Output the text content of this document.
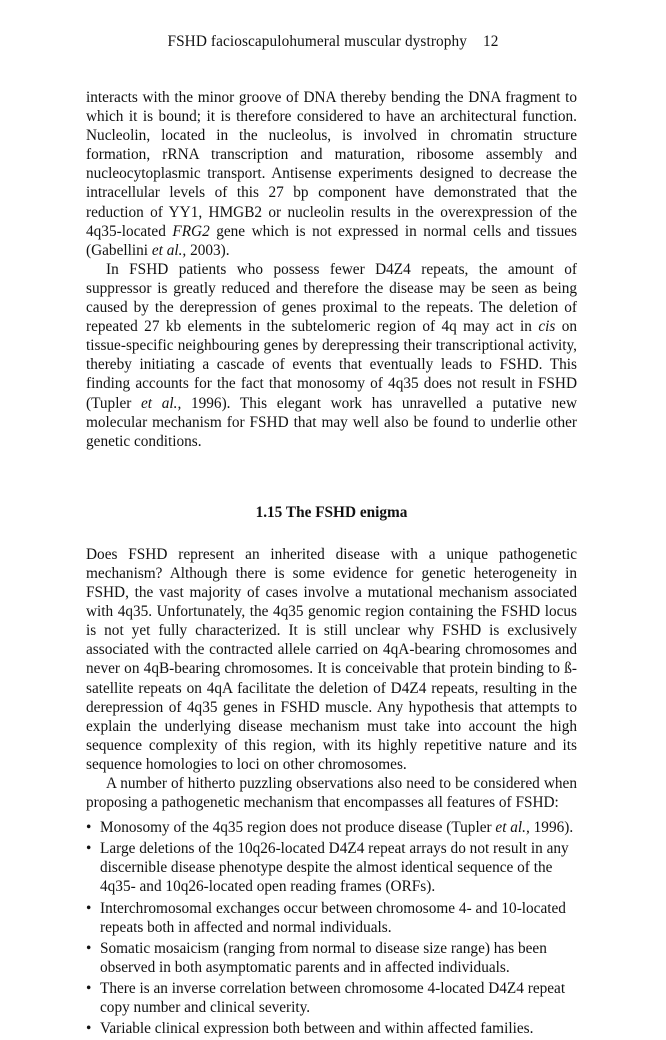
FSHD facioscapulohumeral muscular dystrophy 12

interacts with the minor groove of DNA thereby bending the DNA fragment to which it is bound; it is therefore considered to have an architectural function. Nucleolin, located in the nucleolus, is involved in chromatin structure formation, rRNA transcription and maturation, ribosome assembly and nucleocytoplasmic transport. Antisense experiments designed to decrease the intracellular levels of this 27 bp component have demonstrated that the reduction of YY1, HMGB2 or nucleolin results in the overexpression of the 4q35-located FRG2 gene which is not expressed in normal cells and tissues (Gabellini et al., 2003).

In FSHD patients who possess fewer D4Z4 repeats, the amount of suppressor is greatly reduced and therefore the disease may be seen as being caused by the derepression of genes proximal to the repeats. The deletion of repeated 27 kb elements in the subtelomeric region of 4q may act in cis on tissue-specific neighbouring genes by derepressing their transcriptional activity, thereby initiating a cascade of events that eventually leads to FSHD. This finding accounts for the fact that monosomy of 4q35 does not result in FSHD (Tupler et al., 1996). This elegant work has unravelled a putative new molecular mechanism for FSHD that may well also be found to underlie other genetic conditions.

1.15 The FSHD enigma

Does FSHD represent an inherited disease with a unique pathogenetic mechanism? Although there is some evidence for genetic heterogeneity in FSHD, the vast majority of cases involve a mutational mechanism associated with 4q35. Unfortunately, the 4q35 genomic region containing the FSHD locus is not yet fully characterized. It is still unclear why FSHD is exclusively associated with the contracted allele carried on 4qA-bearing chromosomes and never on 4qB-bearing chromosomes. It is conceivable that protein binding to ß-satellite repeats on 4qA facilitate the deletion of D4Z4 repeats, resulting in the derepression of 4q35 genes in FSHD muscle. Any hypothesis that attempts to explain the underlying disease mechanism must take into account the high sequence complexity of this region, with its highly repetitive nature and its sequence homologies to loci on other chromosomes.

A number of hitherto puzzling observations also need to be considered when proposing a pathogenetic mechanism that encompasses all features of FSHD:

• Monosomy of the 4q35 region does not produce disease (Tupler et al., 1996).
• Large deletions of the 10q26-located D4Z4 repeat arrays do not result in any discernible disease phenotype despite the almost identical sequence of the 4q35- and 10q26-located open reading frames (ORFs).
• Interchromosomal exchanges occur between chromosome 4- and 10-located repeats both in affected and normal individuals.
• Somatic mosaicism (ranging from normal to disease size range) has been observed in both asymptomatic parents and in affected individuals.
• There is an inverse correlation between chromosome 4-located D4Z4 repeat copy number and clinical severity.
• Variable clinical expression both between and within affected families.
